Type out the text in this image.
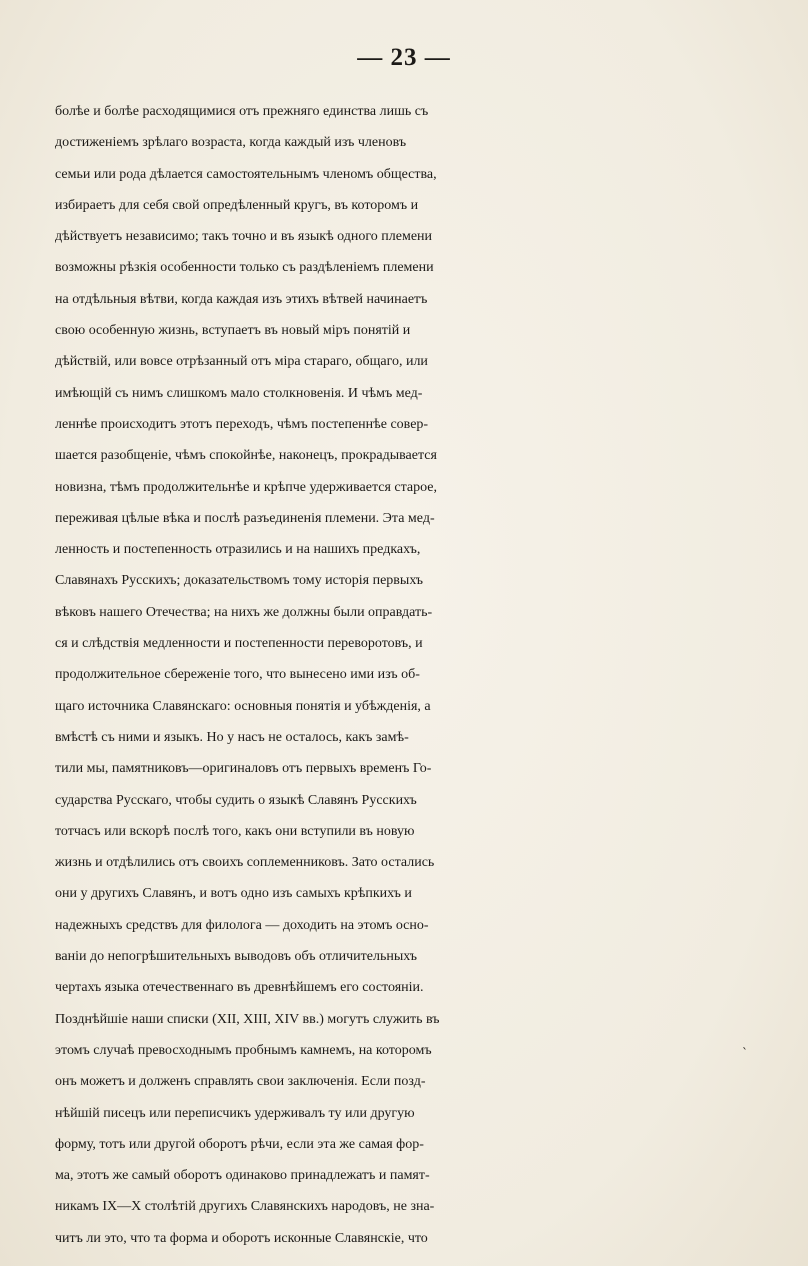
— 23 —
болѣе и болѣе расходящимися отъ прежняго единства лишь съ
достиженіемъ зрѣлаго возраста, когда каждый изъ членовъ
семьи или рода дѣлается самостоятельнымъ членомъ общества,
избираетъ для себя свой опредѣленный кругъ, въ которомъ и
дѣйствуетъ независимо; такъ точно и въ языкѣ одного племени
возможны рѣзкія особенности только съ раздѣленіемъ племени
на отдѣльныя вѣтви, когда каждая изъ этихъ вѣтвей начинаетъ
свою особенную жизнь, вступаетъ въ новый міръ понятій и
дѣйствій, или вовсе отрѣзанный отъ міра стараго, общаго, или
имѣющій съ нимъ слишкомъ мало столкновенія. И чѣмъ мед-
леннѣе происходитъ этотъ переходъ, чѣмъ постепеннѣе совер-
шается разобщеніе, чѣмъ спокойнѣе, наконецъ, прокрадывается
новизна, тѣмъ продолжительнѣе и крѣпче удерживается старое,
переживая цѣлые вѣка и послѣ разъединенія племени. Эта мед-
ленность и постепенность отразились и на нашихъ предкахъ,
Славянахъ Русскихъ; доказательствомъ тому исторія первыхъ
вѣковъ нашего Отечества; на нихъ же должны были оправдать-
ся и слѣдствія медленности и постепенности переворотовъ, и
продолжительное сбереженіе того, что вынесено ими изъ об-
щаго источника Славянскаго: основныя понятія и убѣжденія, а
вмѣстѣ съ ними и языкъ. Но у насъ не осталось, какъ замѣ-
тили мы, памятниковъ—оригиналовъ отъ первыхъ временъ Го-
сударства Русскаго, чтобы судить о языкѣ Славянъ Русскихъ
тотчасъ или вскорѣ послѣ того, какъ они вступили въ новую
жизнь и отдѣлились отъ своихъ соплеменниковъ. Зато остались
они у другихъ Славянъ, и вотъ одно изъ самыхъ крѣпкихъ и
надежныхъ средствъ для филолога — доходить на этомъ осно-
ваніи до непогрѣшительныхъ выводовъ объ отличительныхъ
чертахъ языка отечественнаго въ древнѣйшемъ его состояніи.
Позднѣйшіе наши списки (XII, XIII, XIV вв.) могутъ служить въ
этомъ случаѣ превосходнымъ пробнымъ камнемъ, на которомъ
онъ можетъ и долженъ справлять свои заключенія. Если позд-
нѣйшій писецъ или переписчикъ удерживалъ ту или другую
форму, тотъ или другой оборотъ рѣчи, если эта же самая фор-
ма, этотъ же самый оборотъ одинаково принадлежатъ и памят-
никамъ IX—X столѣтій другихъ Славянскихъ народовъ, не зна-
читъ ли это, что та форма и оборотъ исконные Славянскіе, что
`
